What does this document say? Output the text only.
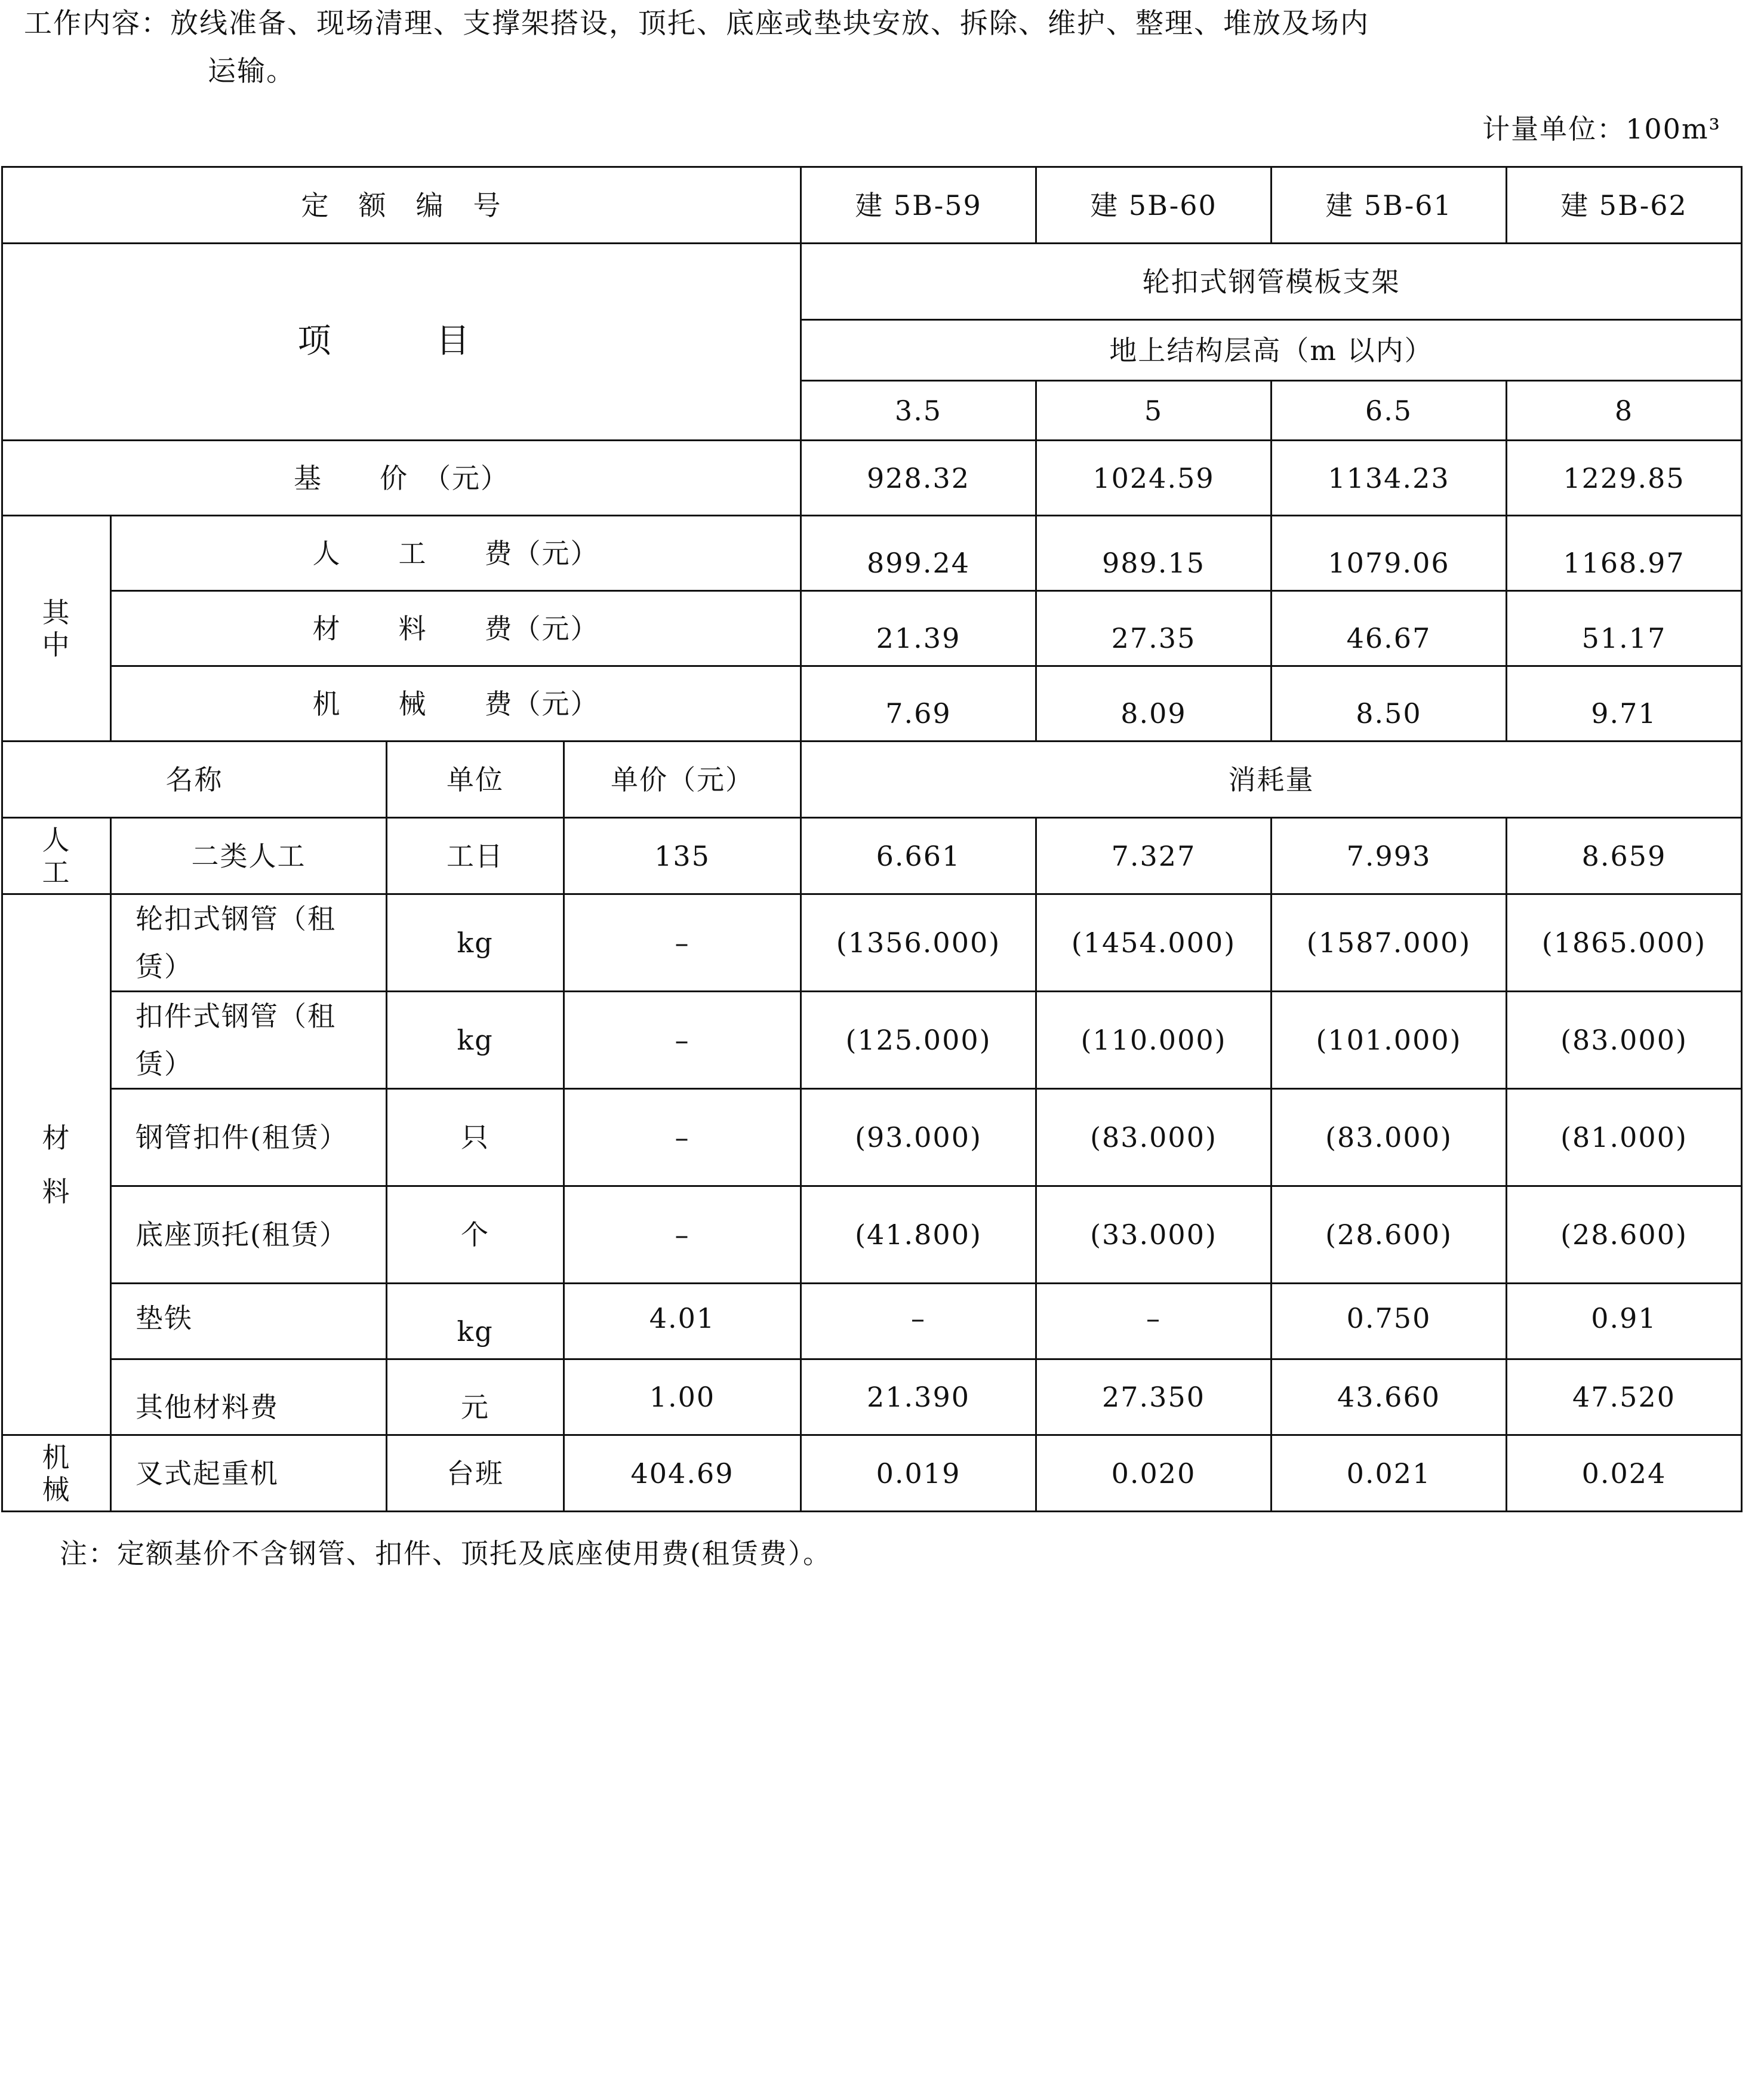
工作内容：放线准备、现场清理、支撑架搭设，顶托、底座或垫块安放、拆除、维护、整理、堆放及场内
运输。
计量单位：100m³
定　额　编　号				建 5B-59	建 5B-60	建 5B-61	建 5B-62
项　目				轮扣式钢管模板支架			
				地上结构层高（m 以内）			
				3.5	5	6.5	8
基　　价　（元）				928.32	1024.59	1134.23	1229.85
其中	人　　工　　费（元）			899.24	989.15	1079.06	1168.97
	材　　料　　费（元）			21.39	27.35	46.67	51.17
	机　　械　　费（元）			7.69	8.09	8.50	9.71
名称		单位	单价（元）	消耗量			
人工	二类人工	工日	135	6.661	7.327	7.993	8.659
材料	轮扣式钢管（租赁）	kg	–	(1356.000)	(1454.000)	(1587.000)	(1865.000)
	扣件式钢管（租赁）	kg	–	(125.000)	(110.000)	(101.000)	(83.000)
	钢管扣件(租赁）	只	–	(93.000)	(83.000)	(83.000)	(81.000)
	底座顶托(租赁）	个	–	(41.800)	(33.000)	(28.600)	(28.600)
	垫铁	kg	4.01	–	–	0.750	0.91
	其他材料费	元	1.00	21.390	27.350	43.660	47.520
机械	叉式起重机	台班	404.69	0.019	0.020	0.021	0.024
注：定额基价不含钢管、扣件、顶托及底座使用费(租赁费）。
